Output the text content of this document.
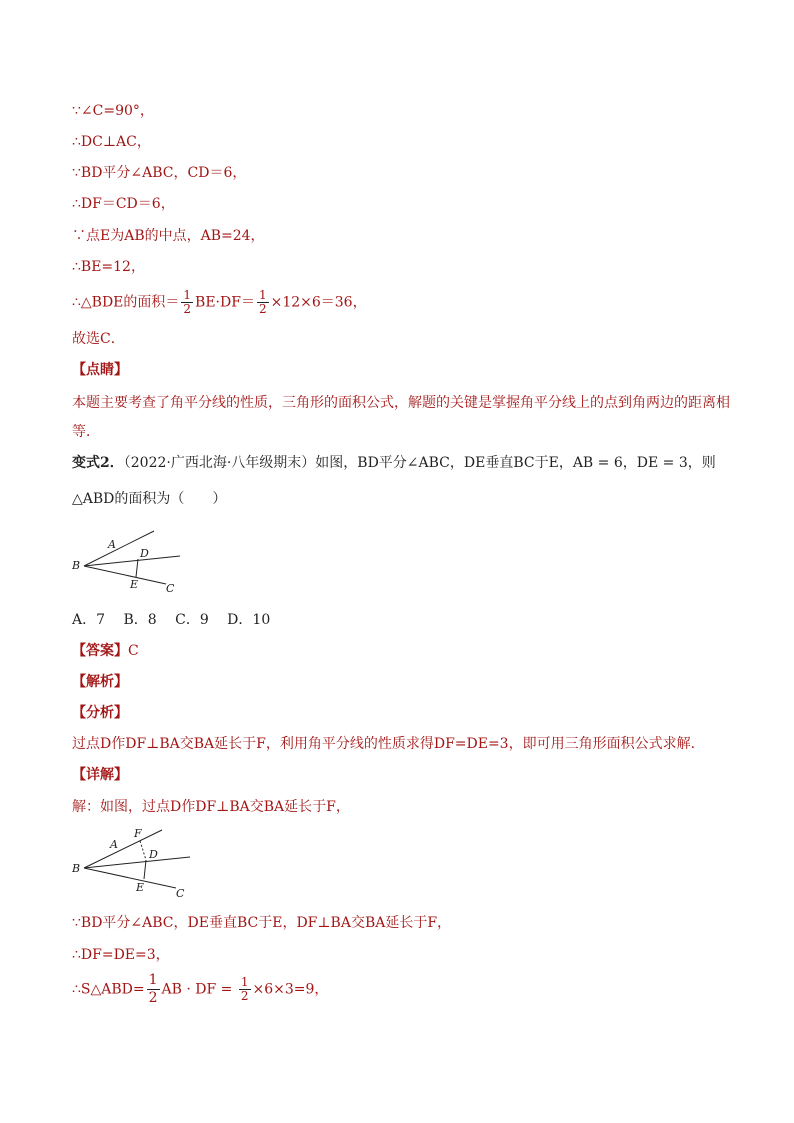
∵∠C=90°，
∴DC⊥AC，
∵BD平分∠ABC，CD＝6，
∴DF＝CD＝6，
∵点E为AB的中点，AB=24，
∴BE=12，
∴△BDE的面积＝ $\frac{1}{2} BE\cdot DF= \frac{1}{2} \times 12\times 6=36$，
故选C．
【点睛】
本题主要考查了角平分线的性质，三角形的面积公式，解题的关键是掌握角平分线上的点到角两边的距离相等．
变式2．（2022·广西北海·八年级期末）如图，BD平分∠ABC，DE垂直BC于E，AB = 6，DE = 3，则
△ABD的面积为（　　）
A
B
C
D
E
A．7　 B．8　 C．9　 D．10
【答案】C
【解析】
【分析】
过点D作DF⊥BA交BA延长于F，利用角平分线的性质求得DF=DE=3，即可用三角形面积公式求解．
【详解】
解：如图，过点D作DF⊥BA交BA延长于F，
A
B
C
D
E
F
∵BD平分∠ABC，DE垂直BC于E，DF⊥BA交BA延长于F，
∴DF=DE=3，
∴S△ABD= $\frac{1}{2}$ AB · DF = $\frac{1}{2} \times 6\times 3=9$，
